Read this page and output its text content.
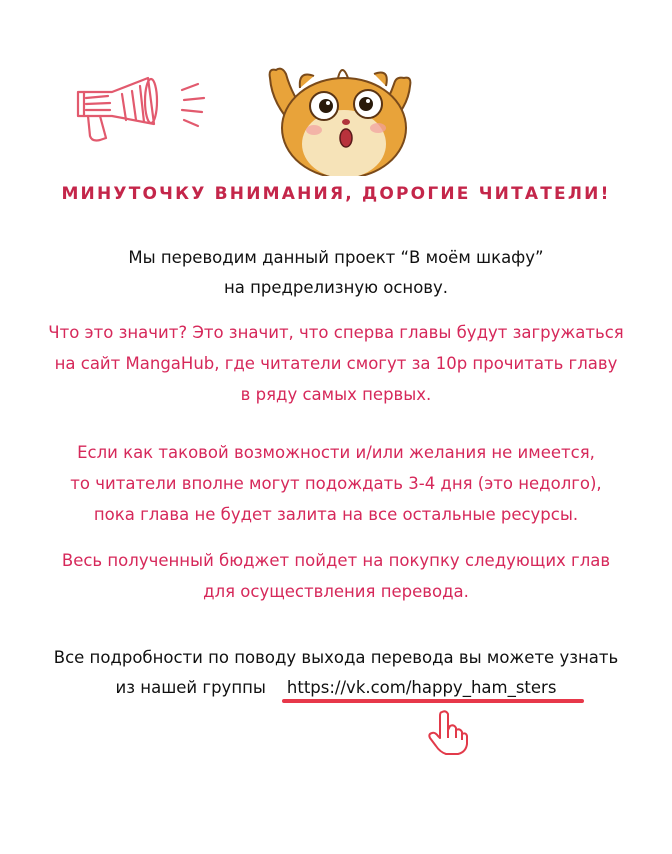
МИНУТОЧКУ ВНИМАНИЯ, ДОРОГИЕ ЧИТАТЕЛИ!
Мы переводим данный проект “В моём шкафу”
на предрелизную основу.
Что это значит? Это значит, что сперва главы будут загружаться
на сайт MangaHub, где читатели смогут за 10р прочитать главу
в ряду самых первых.
Если как таковой возможности и/или желания не имеется,
то читатели вполне могут подождать 3-4 дня (это недолго),
пока глава не будет залита на все остальные ресурсы.
Весь полученный бюджет пойдет на покупку следующих глав
для осуществления перевода.
Все подробности по поводу выхода перевода вы можете узнать
из нашей группы https://vk.com/happy_ham_sters
